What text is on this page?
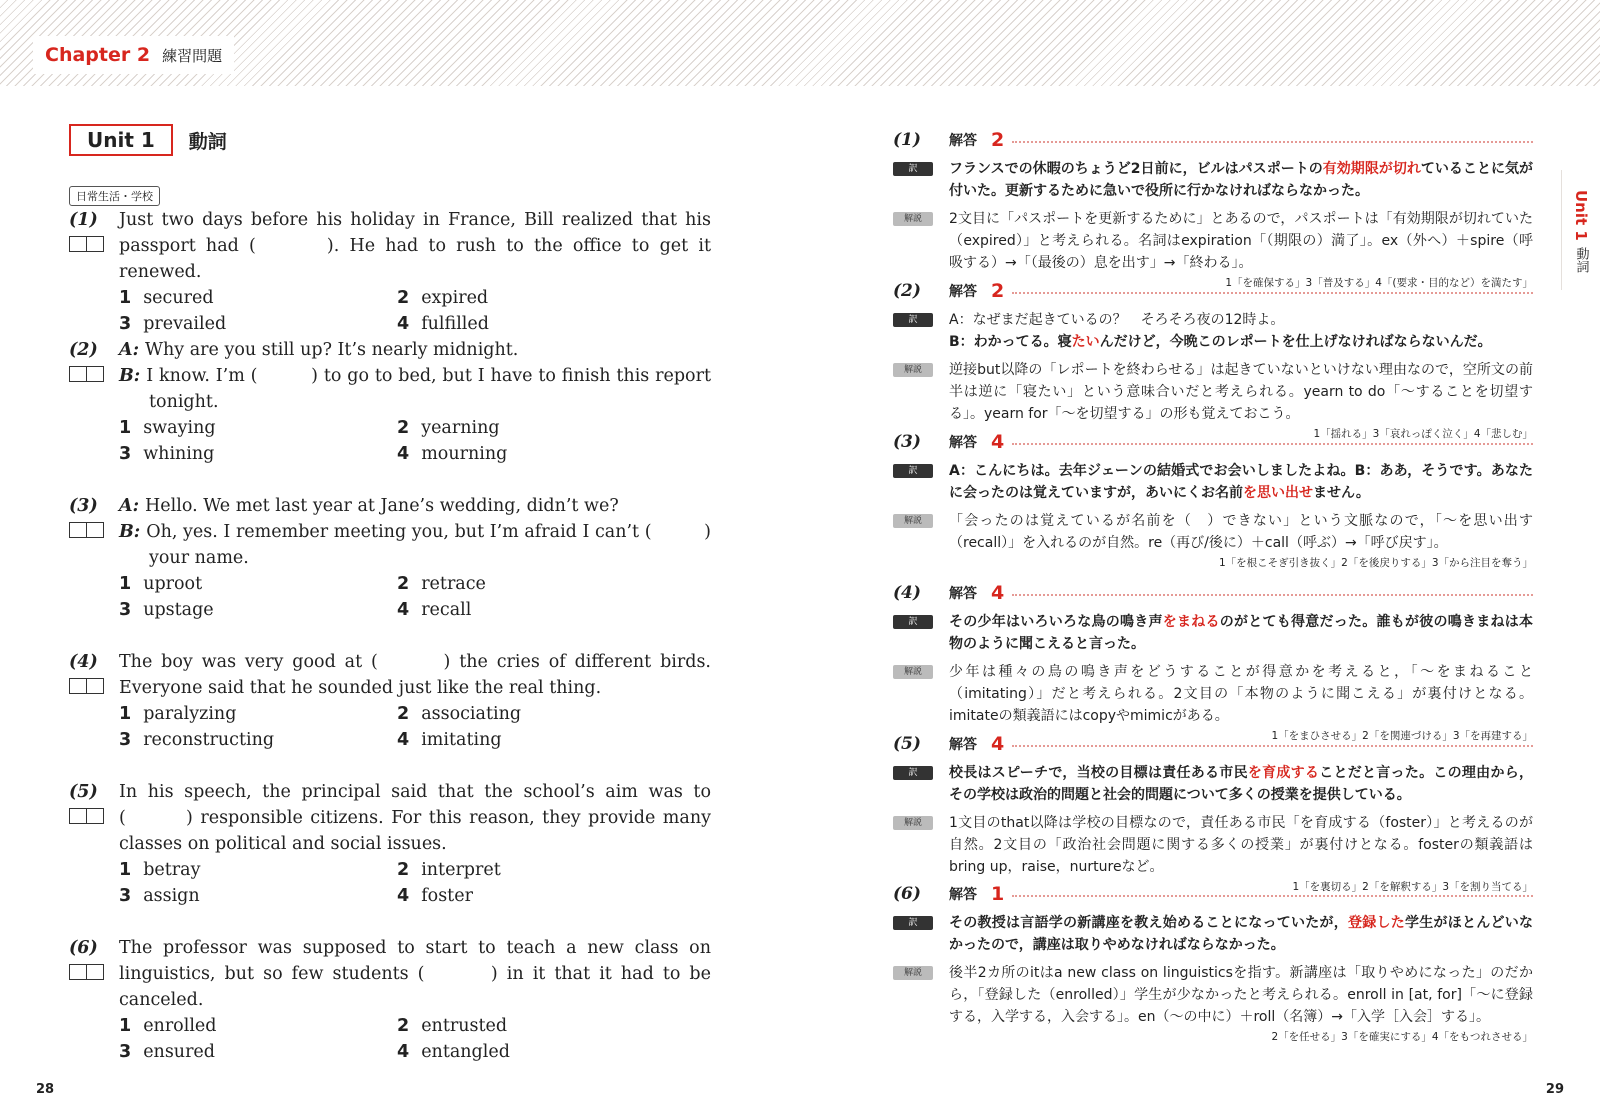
Chapter 2 練習問題
Unit 1
動詞
Unit 1	動詞
日常生活・学校
(1) Just two days before his holiday in France, Bill realized that his passport had (　　　). He had to rush to the office to get it renewed.

1 secured	2 expired
3 prevailed	4 fulfilled
(2) A: Why are you still up? It’s nearly midnight.

B: I know. I’m (　　　) to go to bed, but I have to finish this report tonight.

1 swaying	2 yearning
3 whining	4 mourning
(3) A: Hello. We met last year at Jane’s wedding, didn’t we?

B: Oh, yes. I remember meeting you, but I’m afraid I can’t (　　　) your name.

1 uproot	2 retrace
3 upstage	4 recall
(4) The boy was very good at (　　　) the cries of different birds. Everyone said that he sounded just like the real thing.

1 paralyzing	2 associating
3 reconstructing	4 imitating
(5) In his speech, the principal said that the school’s aim was to (　　　) responsible citizens. For this reason, they provide many classes on political and social issues.

1 betray	2 interpret
3 assign	4 foster
(6) The professor was supposed to start to teach a new class on linguistics, but so few students (　　　) in it that it had to be canceled.

1 enrolled	2 entrusted
3 ensured	4 entangled
(1)	解答 2
訳	フランスでの休暇のちょうど2日前に，ビルはパスポートの有効期限が切れていることに気が付いた。更新するために急いで役所に行かなければならなかった。
解説	2文目に「パスポートを更新するために」とあるので，パスポートは「有効期限が切れていた（expired）」と考えられる。名詞はexpiration「（期限の）満了」。ex（外へ）＋spire（呼吸する）→「（最後の）息を出す」→「終わる」。
1「を確保する」3「普及する」4「(要求・目的など）を満たす」
(2)	解答 2
訳	A：なぜまだ起きているの？　そろそろ夜の12時よ。
B：わかってる。寝たいんだけど，今晩このレポートを仕上げなければならないんだ。
解説	逆接but以降の「レポートを終わらせる」は起きていないといけない理由なので，空所文の前半は逆に「寝たい」という意味合いだと考えられる。yearn to do「〜することを切望する」。yearn for「〜を切望する」の形も覚えておこう。
1「揺れる」3「哀れっぽく泣く」4「悲しむ」
(3)	解答 4
訳	A：こんにちは。去年ジェーンの結婚式でお会いしましたよね。B：ああ，そうです。あなたに会ったのは覚えていますが，あいにくお名前を思い出せません。
解説	「会ったのは覚えているが名前を（　）できない」という文脈なので，「〜を思い出す（recall）」を入れるのが自然。re（再び/後に）＋call（呼ぶ）→「呼び戻す」。
1「を根こそぎ引き抜く」2「を後戻りする」3「から注目を奪う」
(4)	解答 4
訳	その少年はいろいろな鳥の鳴き声をまねるのがとても得意だった。誰もが彼の鳴きまねは本物のように聞こえると言った。
解説	少年は種々の鳥の鳴き声をどうすることが得意かを考えると，「〜をまねること（imitating）」だと考えられる。2文目の「本物のように聞こえる」が裏付けとなる。imitateの類義語にはcopyやmimicがある。
1「をまひさせる」2「を関連づける」3「を再建する」
(5)	解答 4
訳	校長はスピーチで，当校の目標は責任ある市民を育成することだと言った。この理由から，その学校は政治的問題と社会的問題について多くの授業を提供している。
解説	1文目のthat以降は学校の目標なので，責任ある市民「を育成する（foster）」と考えるのが自然。2文目の「政治社会問題に関する多くの授業」が裏付けとなる。fosterの類義語はbring up，raise，nurtureなど。
1「を裏切る」2「を解釈する」3「を割り当てる」
(6)	解答 1
訳	その教授は言語学の新講座を教え始めることになっていたが，登録した学生がほとんどいなかったので，講座は取りやめなければならなかった。
解説	後半2カ所のitはa new class on linguisticsを指す。新講座は「取りやめになった」のだから，「登録した（enrolled）」学生が少なかったと考えられる。enroll in [at, for]「〜に登録する，入学する，入会する」。en（〜の中に）＋roll（名簿）→「入学［入会］する」。
2「を任せる」3「を確実にする」4「をもつれさせる」
28	29
